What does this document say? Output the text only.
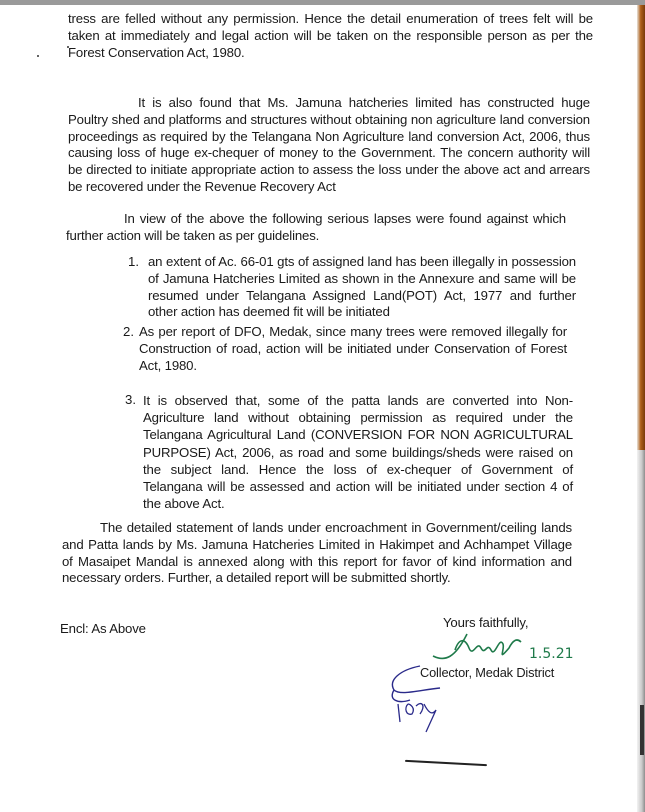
tress are felled without any permission. Hence the detail enumeration of trees felt will be taken at immediately and legal action will be taken on the responsible person as per the Forest Conservation Act, 1980.
It is also found that Ms. Jamuna hatcheries limited has constructed huge Poultry shed and platforms and structures without obtaining non agriculture land conversion proceedings as required by the Telangana Non Agriculture land conversion Act, 2006, thus causing loss of huge ex-chequer of money to the Government. The concern authority will be directed to initiate appropriate action to assess the loss under the above act and arrears be recovered under the Revenue Recovery Act
In view of the above the following serious lapses were found against which further action will be taken as per guidelines.
1. an extent of Ac. 66-01 gts of assigned land has been illegally in possession of Jamuna Hatcheries Limited as shown in the Annexure and same will be resumed under Telangana Assigned Land(POT) Act, 1977 and further other action has deemed fit will be initiated
2. As per report of DFO, Medak, since many trees were removed illegally for Construction of road, action will be initiated under Conservation of Forest Act, 1980.
3. It is observed that, some of the patta lands are converted into Non-Agriculture land without obtaining permission as required under the Telangana Agricultural Land (CONVERSION FOR NON AGRICULTURAL PURPOSE) Act, 2006, as road and some buildings/sheds were raised on the subject land. Hence the loss of ex-chequer of Government of Telangana will be assessed and action will be initiated under section 4 of the above Act.
The detailed statement of lands under encroachment in Government/ceiling lands and Patta lands by Ms. Jamuna Hatcheries Limited in Hakimpet and Achhampet Village of Masaipet Mandal is annexed along with this report for favor of kind information and necessary orders. Further, a detailed report will be submitted shortly.
Encl: As Above	Yours faithfully,
1.5.21
Collector, Medak District
